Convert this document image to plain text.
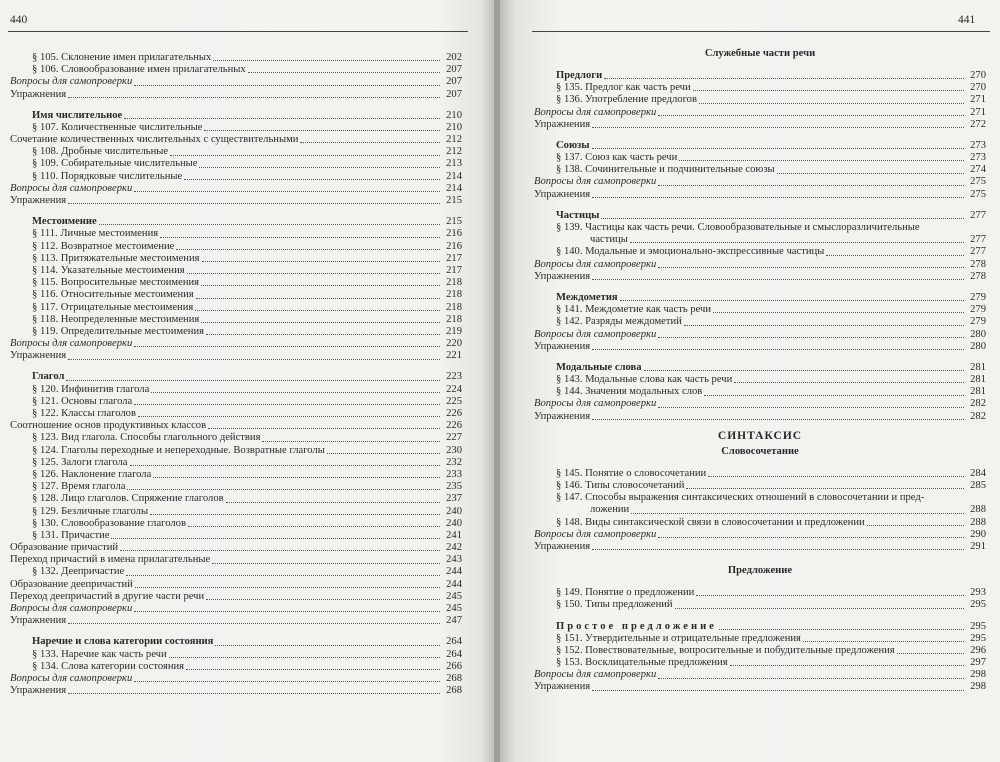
440
§ 105. Склонение имен прилагательных	202
§ 106. Словообразование имен прилагательных	207
Вопросы для самопроверки	207
Упражнения	207
Имя числительное	210
§ 107. Количественные числительные	210
Сочетание количественных числительных с существительными	212
§ 108. Дробные числительные	212
§ 109. Собирательные числительные	213
§ 110. Порядковые числительные	214
Вопросы для самопроверки	214
Упражнения	215
Местоимение	215
§ 111. Личные местоимения	216
§ 112. Возвратное местоимение	216
§ 113. Притяжательные местоимения	217
§ 114. Указательные местоимения	217
§ 115. Вопросительные местоимения	218
§ 116. Относительные местоимения	218
§ 117. Отрицательные местоимения	218
§ 118. Неопределенные местоимения	218
§ 119. Определительные местоимения	219
Вопросы для самопроверки	220
Упражнения	221
Глагол	223
§ 120. Инфинитив глагола	224
§ 121. Основы глагола	225
§ 122. Классы глаголов	226
Соотношение основ продуктивных классов	226
§ 123. Вид глагола. Способы глагольного действия	227
§ 124. Глаголы переходные и непереходные. Возвратные глаголы	230
§ 125. Залоги глагола	232
§ 126. Наклонение глагола	233
§ 127. Время глагола	235
§ 128. Лицо глаголов. Спряжение глаголов	237
§ 129. Безличные глаголы	240
§ 130. Словообразование глаголов	240
§ 131. Причастие	241
Образование причастий	242
Переход причастий в имена прилагательные	243
§ 132. Деепричастие	244
Образование деепричастий	244
Переход деепричастий в другие части речи	245
Вопросы для самопроверки	245
Упражнения	247
Наречие и слова категории состояния	264
§ 133. Наречие как часть речи	264
§ 134. Слова категории состояния	266
Вопросы для самопроверки	268
Упражнения	268
441
Служебные части речи
Предлоги	270
§ 135. Предлог как часть речи	270
§ 136. Употребление предлогов	271
Вопросы для самопроверки	271
Упражнения	272
Союзы	273
§ 137. Союз как часть речи	273
§ 138. Сочинительные и подчинительные союзы	274
Вопросы для самопроверки	275
Упражнения	275
Частицы	277
§ 139. Частицы как часть речи. Словообразовательные и смыслоразличительные
частицы	277
§ 140. Модальные и эмоционально-экспрессивные частицы	277
Вопросы для самопроверки	278
Упражнения	278
Междометия	279
§ 141. Междометие как часть речи	279
§ 142. Разряды междометий	279
Вопросы для самопроверки	280
Упражнения	280
Модальные слова	281
§ 143. Модальные слова как часть речи	281
§ 144. Значения модальных слов	281
Вопросы для самопроверки	282
Упражнения	282
СИНТАКСИС
Словосочетание
§ 145. Понятие о словосочетании	284
§ 146. Типы словосочетаний	285
§ 147. Способы выражения синтаксических отношений в словосочетании и пред-
ложении	288
§ 148. Виды синтаксической связи в словосочетании и предложении	288
Вопросы для самопроверки	290
Упражнения	291
Предложение
§ 149. Понятие о предложении	293
§ 150. Типы предложений	295
Простое предложение	295
§ 151. Утвердительные и отрицательные предложения	295
§ 152. Повествовательные, вопросительные и побудительные предложения	296
§ 153. Восклицательные предложения	297
Вопросы для самопроверки	298
Упражнения	298
